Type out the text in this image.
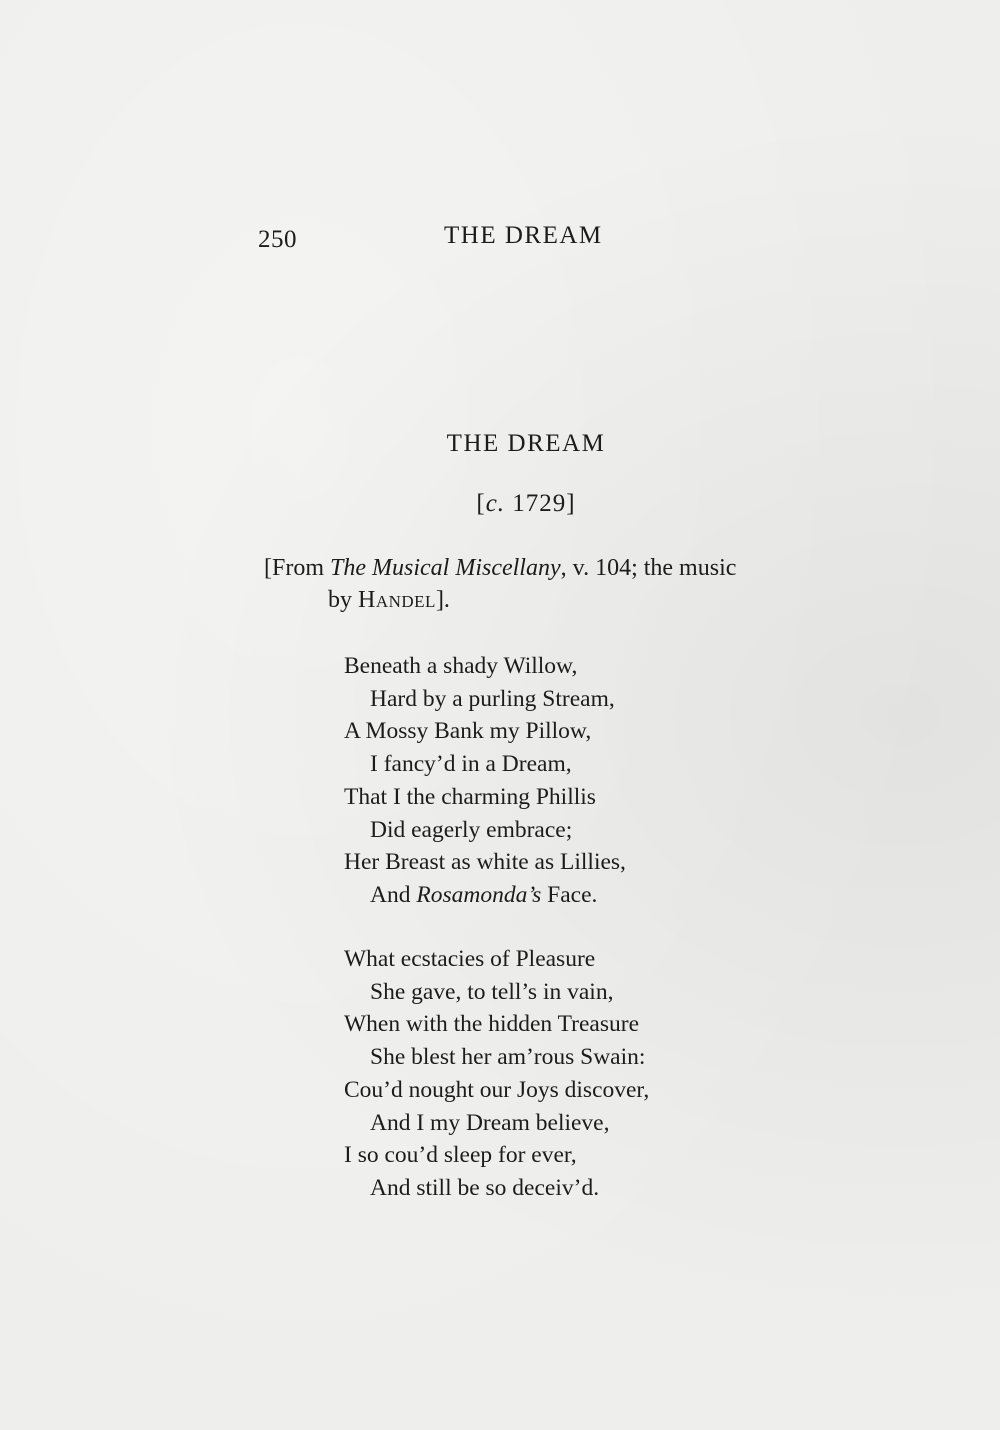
250	THE DREAM
THE DREAM
[c. 1729]
[From The Musical Miscellany, v. 104; the music
by Handel].
Beneath a shady Willow,
Hard by a purling Stream,
A Mossy Bank my Pillow,
I fancy’d in a Dream,
That I the charming Phillis
Did eagerly embrace;
Her Breast as white as Lillies,
And Rosamonda’s Face.
What ecstacies of Pleasure
She gave, to tell’s in vain,
When with the hidden Treasure
She blest her am’rous Swain:
Cou’d nought our Joys discover,
And I my Dream believe,
I so cou’d sleep for ever,
And still be so deceiv’d.
